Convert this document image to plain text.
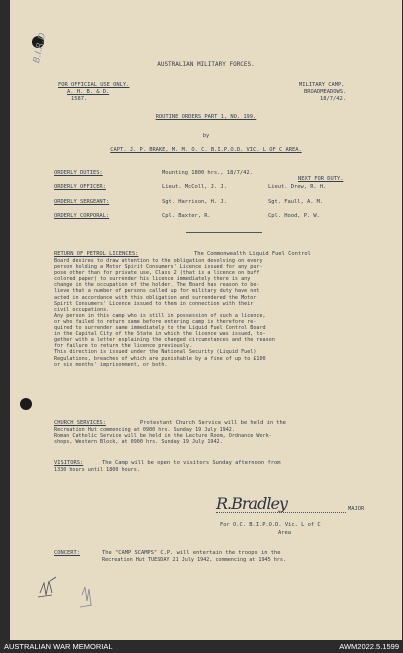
B.I.R.D
AUSTRALIAN MILITARY FORCES.
FOR OFFICIAL USE ONLY.
A. H. B. & D.
1587.
MILITARY CAMP,
BROADMEADOWS.
18/7/42.
ROUTINE ORDERS PART 1, NO. 199.
by
CAPT. J. P. BRAKE, M. M. O. C. B.I.P.O.D. VIC. L OF C AREA.
ORDERLY DUTIES:	Mounting 1800 hrs., 18/7/42.
NEXT FOR DUTY.
ORDERLY OFFICER:	Lieut. McColl, J. J.	Lieut. Drew, R. H.
ORDERLY SERGEANT:	Sgt. Harrison, H. J.	Sgt. Faull, A. M.
ORDERLY CORPORAL:	Cpl. Baxter, R.	Cpl. Hood, P. W.
RETURN OF PETROL LICENCES:	The Commonwealth Liquid Fuel Control
Board desires to draw attention to the obligation devolving on every
person holding a Motor Spirit Consumers' Licence issued for any pur-
pose other than for private use, Class 2 (that is a licence on buff
colored paper) to surrender his licence immediately there is any
change in the occupation of the holder. The Board has reason to be-
lieve that a number of persons called up for military duty have not
acted in accordance with this obligation and surrendered the Motor
Spirit Consumers' Licence issued to them in connection with their
civil occupations.
Any person in this camp who is still in possession of such a licence,
or who failed to return same before entering camp is therefore re-
quired to surrender same immediately to the Liquid Fuel Control Board
in the Capital City of the State in which the licence was issued, to-
gether with a letter explaining the changed circumstances and the reason
for failure to return the licence previously.
This direction is issued under the National Security (Liquid Fuel)
Regulations, breaches of which are punishable by a fine of up to £100
or six months' imprisonment, or both.
CHURCH SERVICES:	Protestant Church Service will be held in the
Recreation Hut commencing at 0900 hrs. Sunday 19 July 1942.
Roman Catholic Service will be held in the Lecture Room, Ordnance Work-
shops, Western Block, at 0900 hrs. Sunday 19 July 1942.
VISITORS:	The Camp will be open to visitors Sunday afternoon from
1330 hours until 1800 hours.
R.Bradley	MAJOR
For O.C. B.I.P.O.D. Vic. L of C
Area
CONCERT:	The "CAMP SCAMPS" C.P. will entertain the troops in the
Recreation Hut TUESDAY 21 July 1942, commencing at 1945 hrs.
AUSTRALIAN WAR MEMORIAL	AWM2022.5.1599
